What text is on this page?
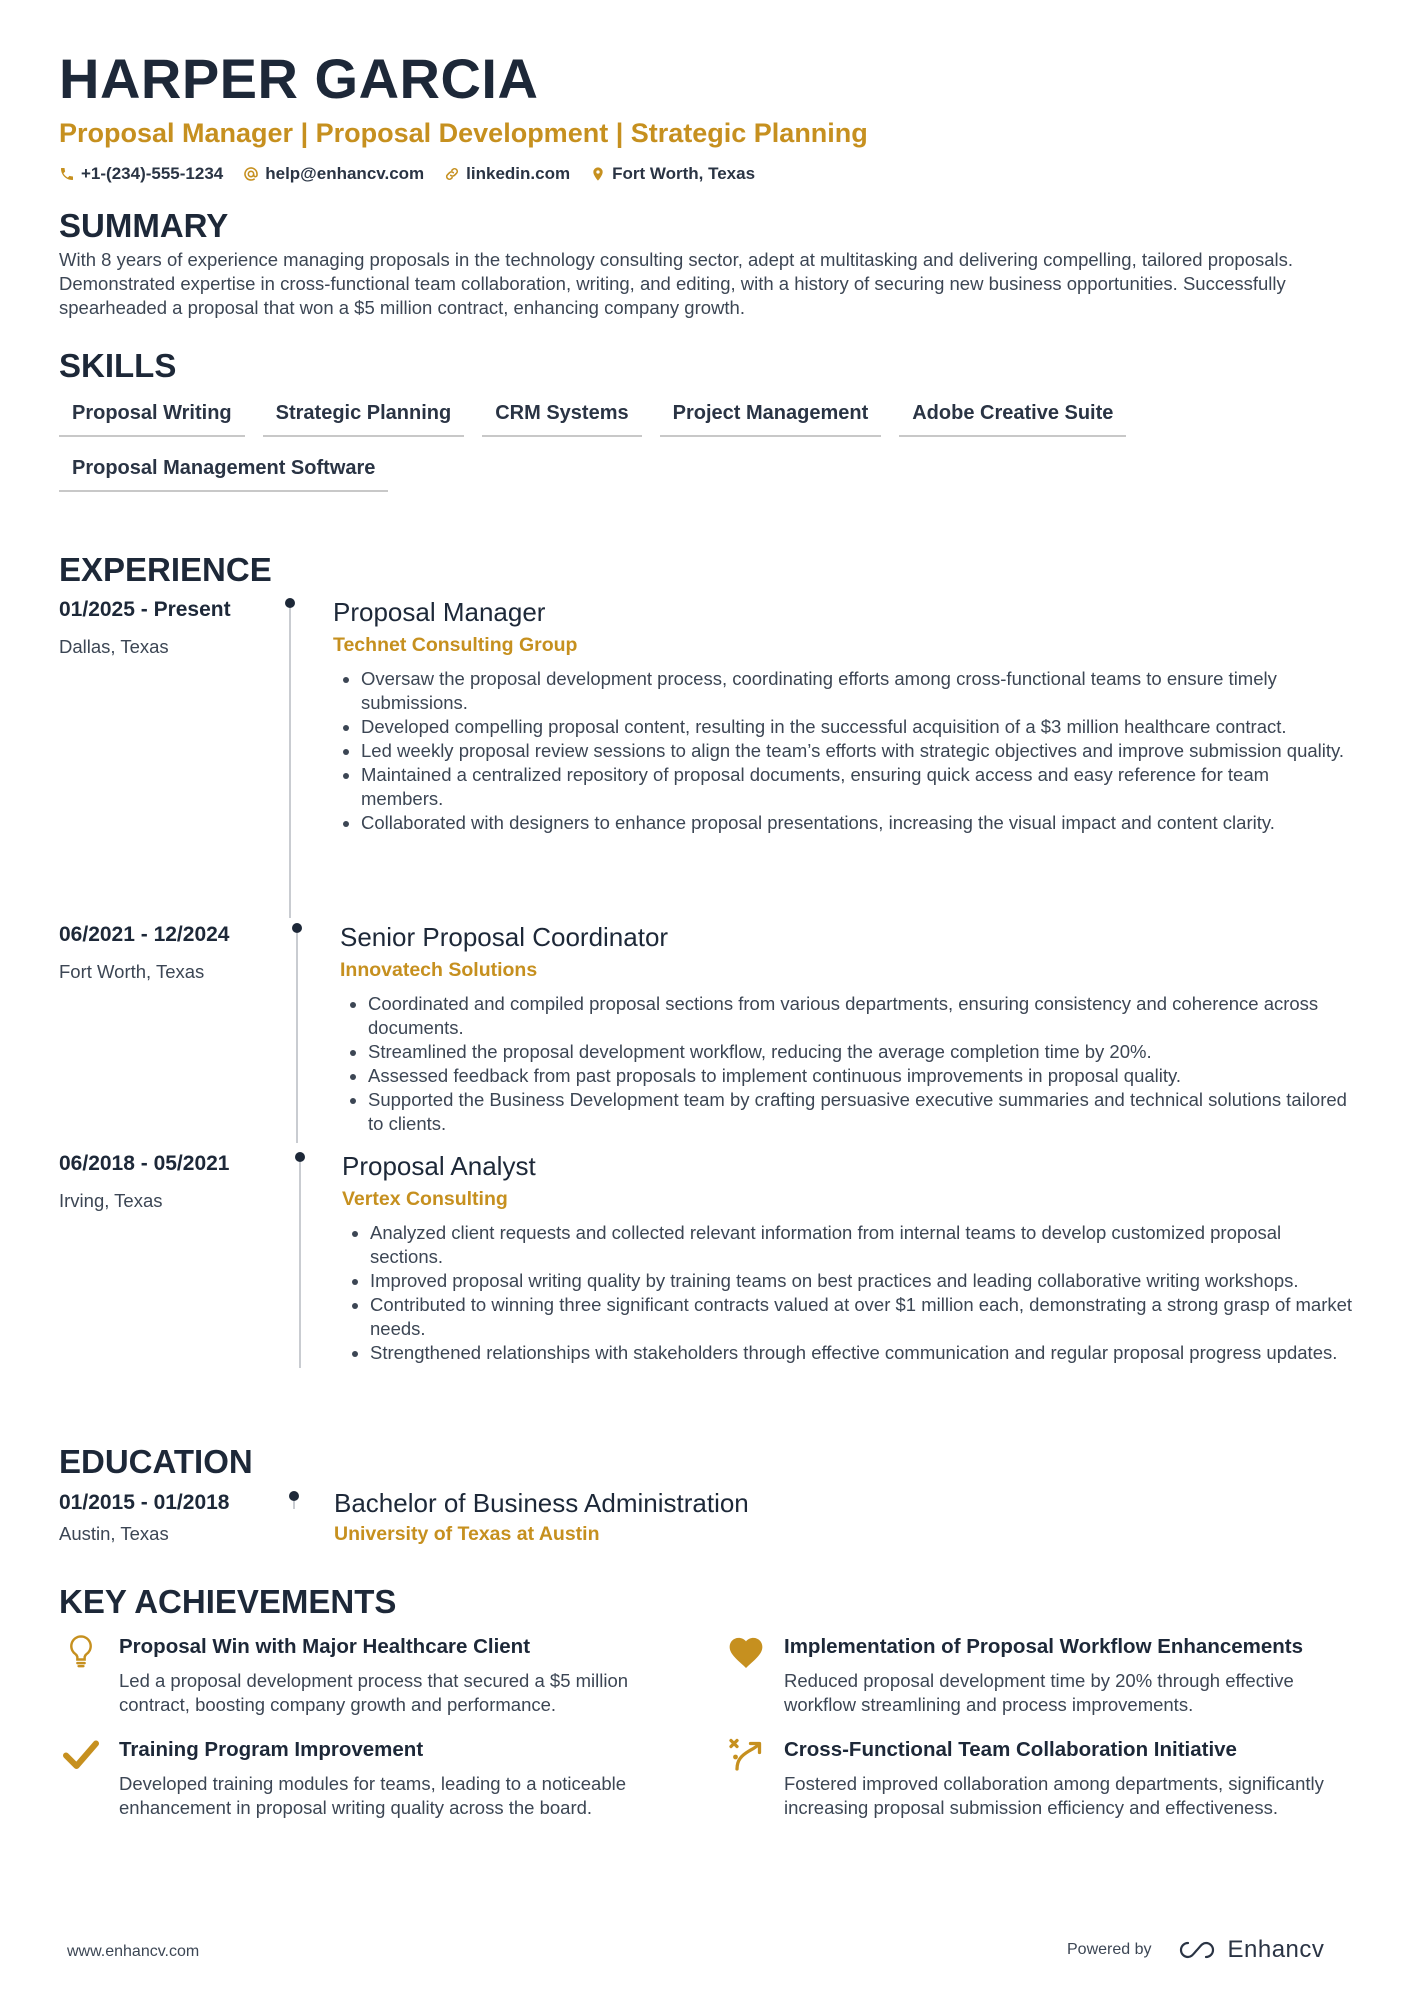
HARPER GARCIA
Proposal Manager | Proposal Development | Strategic Planning
+1-(234)-555-1234 help@enhancv.com linkedin.com Fort Worth, Texas
SUMMARY
With 8 years of experience managing proposals in the technology consulting sector, adept at multitasking and delivering compelling, tailored proposals. Demonstrated expertise in cross-functional team collaboration, writing, and editing, with a history of securing new business opportunities. Successfully spearheaded a proposal that won a $5 million contract, enhancing company growth.
SKILLS
Proposal Writing	Strategic Planning	CRM Systems	Project Management	Adobe Creative Suite
Proposal Management Software
EXPERIENCE
01/2025 - Present
Dallas, Texas
Proposal Manager
Technet Consulting Group
• Oversaw the proposal development process, coordinating efforts among cross-functional teams to ensure timely submissions.
• Developed compelling proposal content, resulting in the successful acquisition of a $3 million healthcare contract.
• Led weekly proposal review sessions to align the team’s efforts with strategic objectives and improve submission quality.
• Maintained a centralized repository of proposal documents, ensuring quick access and easy reference for team members.
• Collaborated with designers to enhance proposal presentations, increasing the visual impact and content clarity.
06/2021 - 12/2024
Fort Worth, Texas
Senior Proposal Coordinator
Innovatech Solutions
• Coordinated and compiled proposal sections from various departments, ensuring consistency and coherence across documents.
• Streamlined the proposal development workflow, reducing the average completion time by 20%.
• Assessed feedback from past proposals to implement continuous improvements in proposal quality.
• Supported the Business Development team by crafting persuasive executive summaries and technical solutions tailored to clients.
06/2018 - 05/2021
Irving, Texas
Proposal Analyst
Vertex Consulting
• Analyzed client requests and collected relevant information from internal teams to develop customized proposal sections.
• Improved proposal writing quality by training teams on best practices and leading collaborative writing workshops.
• Contributed to winning three significant contracts valued at over $1 million each, demonstrating a strong grasp of market needs.
• Strengthened relationships with stakeholders through effective communication and regular proposal progress updates.
EDUCATION
01/2015 - 01/2018
Austin, Texas
Bachelor of Business Administration
University of Texas at Austin
KEY ACHIEVEMENTS
Proposal Win with Major Healthcare Client
Led a proposal development process that secured a $5 million contract, boosting company growth and performance.
Implementation of Proposal Workflow Enhancements
Reduced proposal development time by 20% through effective workflow streamlining and process improvements.
Training Program Improvement
Developed training modules for teams, leading to a noticeable enhancement in proposal writing quality across the board.
Cross-Functional Team Collaboration Initiative
Fostered improved collaboration among departments, significantly increasing proposal submission efficiency and effectiveness.
www.enhancv.com	Powered by	Enhancv
